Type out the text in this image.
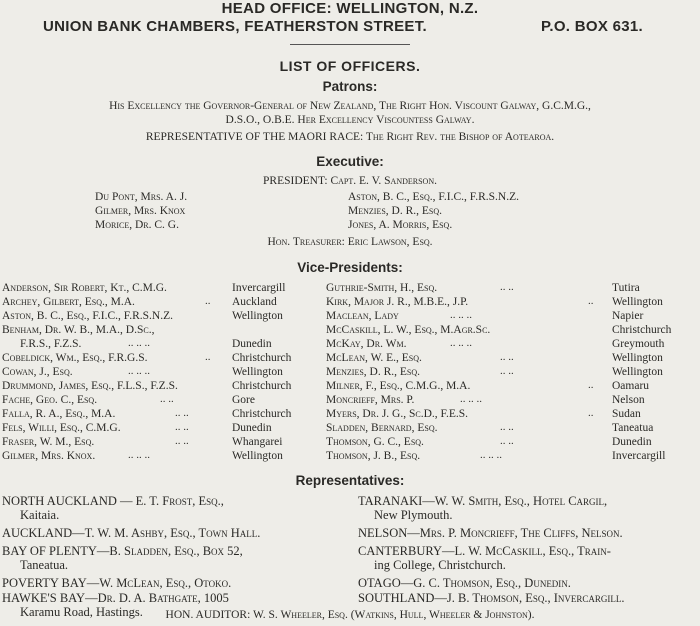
HEAD OFFICE: WELLINGTON, N.Z.
UNION BANK CHAMBERS, FEATHERSTON STREET.	P.O. BOX 631.
LIST OF OFFICERS.
Patrons:
His Excellency the Governor-General of New Zealand, The Right Hon. Viscount Galway, G.C.M.G.,
D.S.O., O.B.E. Her Excellency Viscountess Galway.
REPRESENTATIVE OF THE MAORI RACE: The Right Rev. the Bishop of Aotearoa.
Executive:
PRESIDENT: Capt. E. V. Sanderson.
Du Pont, Mrs. A. J.
Gilmer, Mrs. Knox
Morice, Dr. C. G.
Aston, B. C., Esq., F.I.C., F.R.S.N.Z.
Menzies, D. R., Esq.
Jones, A. Morris, Esq.
Hon. Treasurer: Eric Lawson, Esq.
Vice-Presidents:
Anderson, Sir Robert, Kt., C.M.G.	Invercargill
Archey, Gilbert, Esq., M.A.	.. Auckland
Aston, B. C., Esq., F.I.C., F.R.S.N.Z.	Wellington
Benham, Dr. W. B., M.A., D.Sc.,
F.R.S., F.Z.S.	.. .. ..	Dunedin
Cobeldick, Wm., Esq., F.R.G.S.	.. Christchurch
Cowan, J., Esq.	.. .. ..	Wellington
Drummond, James, Esq., F.L.S., F.Z.S.	Christchurch
Fache, Geo. C., Esq.	.. ..	Gore
Falla, R. A., Esq., M.A.	.. ..	Christchurch
Fels, Willi, Esq., C.M.G.	.. ..	Dunedin
Fraser, W. M., Esq.	.. ..	Whangarei
Gilmer, Mrs. Knox.	.. .. ..	Wellington
Guthrie-Smith, H., Esq.	.. ..	Tutira
Kirk, Major J. R., M.B.E., J.P.	.. Wellington
Maclean, Lady	.. .. ..	Napier
McCaskill, L. W., Esq., M.Agr.Sc.	Christchurch
McKay, Dr. Wm.	.. .. ..	Greymouth
McLean, W. E., Esq.	.. ..	Wellington
Menzies, D. R., Esq.	.. ..	Wellington
Milner, F., Esq., C.M.G., M.A.	.. Oamaru
Moncrieff, Mrs. P.	.. .. ..	Nelson
Myers, Dr. J. G., Sc.D., F.E.S.	.. Sudan
Sladden, Bernard, Esq.	.. ..	Taneatua
Thomson, G. C., Esq.	.. ..	Dunedin
Thomson, J. B., Esq.	.. .. ..	Invercargill
Representatives:
NORTH AUCKLAND — E. T. Frost, Esq.,
Kaitaia.
AUCKLAND—T. W. M. Ashby, Esq., Town Hall.
BAY OF PLENTY—B. Sladden, Esq., Box 52,
Taneatua.
POVERTY BAY—W. McLean, Esq., Otoko.
HAWKE'S BAY—Dr. D. A. Bathgate, 1005
Karamu Road, Hastings.
TARANAKI—W. W. Smith, Esq., Hotel Cargil,
New Plymouth.
NELSON—Mrs. P. Moncrieff, The Cliffs, Nelson.
CANTERBURY—L. W. McCaskill, Esq., Train-
ing College, Christchurch.
OTAGO—G. C. Thomson, Esq., Dunedin.
SOUTHLAND—J. B. Thomson, Esq., Invercargill.
HON. AUDITOR: W. S. Wheeler, Esq. (Watkins, Hull, Wheeler & Johnston).
